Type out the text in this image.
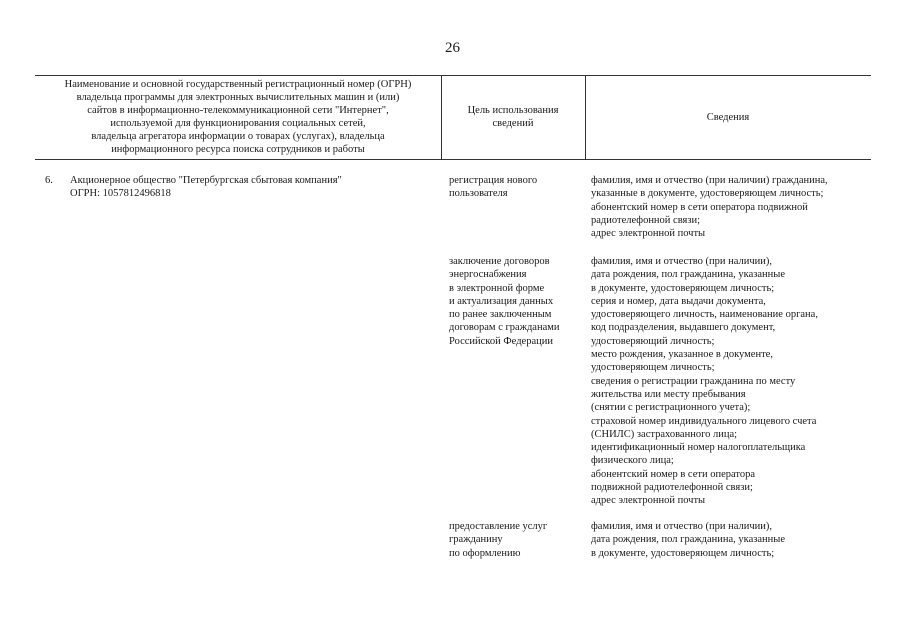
26
Наименование и основной государственный регистрационный номер (ОГРН)
владельца программы для электронных вычислительных машин и (или)
сайтов в информационно-телекоммуникационной сети "Интернет",
используемой для функционирования социальных сетей,
владельца агрегатора информации о товарах (услугах), владельца
информационного ресурса поиска сотрудников и работы
Цель использования
сведений
Сведения
6. Акционерное общество "Петербургская сбытовая компания"
ОГРН: 1057812496818
регистрация нового
пользователя
фамилия, имя и отчество (при наличии) гражданина,
указанные в документе, удостоверяющем личность;
абонентский номер в сети оператора подвижной
радиотелефонной связи;
адрес электронной почты
заключение договоров
энергоснабжения
в электронной форме
и актуализация данных
по ранее заключенным
договорам с гражданами
Российской Федерации
фамилия, имя и отчество (при наличии),
дата рождения, пол гражданина, указанные
в документе, удостоверяющем личность;
серия и номер, дата выдачи документа,
удостоверяющего личность, наименование органа,
код подразделения, выдавшего документ,
удостоверяющий личность;
место рождения, указанное в документе,
удостоверяющем личность;
сведения о регистрации гражданина по месту
жительства или месту пребывания
(снятии с регистрационного учета);
страховой номер индивидуального лицевого счета
(СНИЛС) застрахованного лица;
идентификационный номер налогоплательщика
физического лица;
абонентский номер в сети оператора
подвижной радиотелефонной связи;
адрес электронной почты
предоставление услуг
гражданину
по оформлению
фамилия, имя и отчество (при наличии),
дата рождения, пол гражданина, указанные
в документе, удостоверяющем личность;
